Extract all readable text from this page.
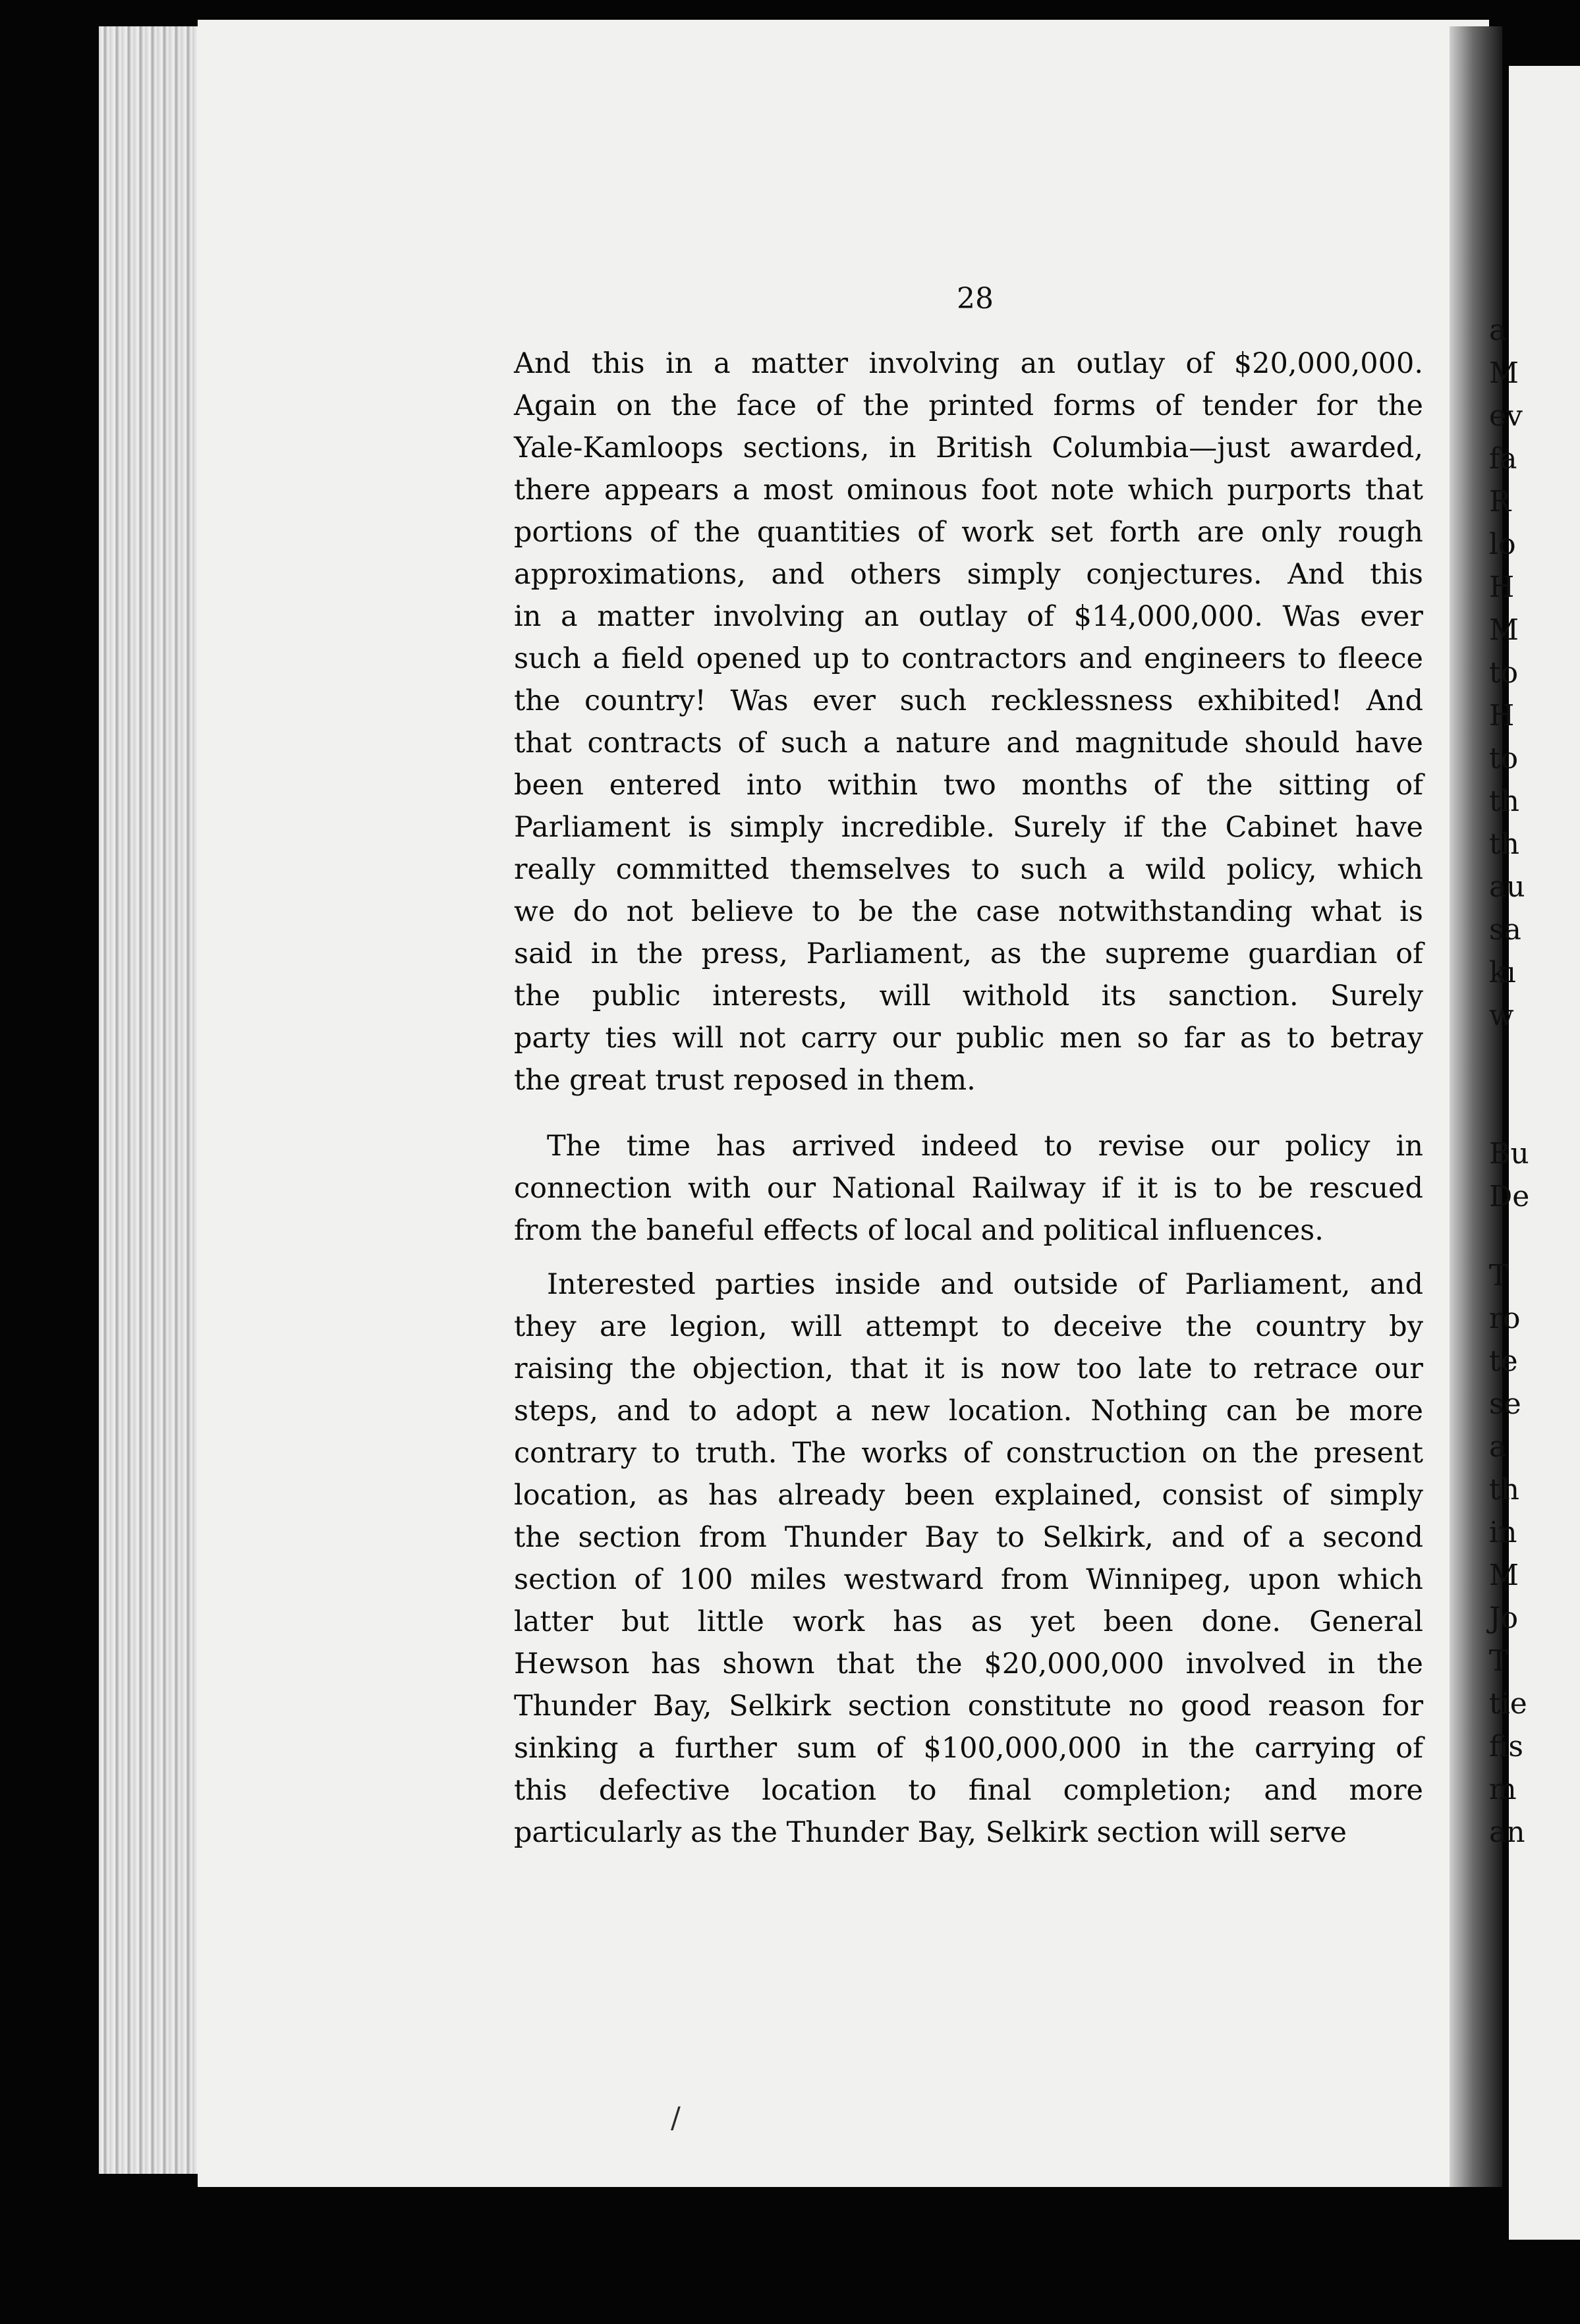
a
M
ev
fa
R
lo
H
M
to
H
to
th
th
au
sa
kı
w
Bu
De
T
ro
te
se
a
th
in
M
Jo
T
tie
fis
m
an

28

And this in a matter involving an outlay of $20,000,000.
Again on the face of the printed forms of tender for the
Yale-Kamloops sections, in British Columbia—just awarded,
there appears a most ominous foot note which purports that
portions of the quantities of work set forth are only rough
approximations, and others simply conjectures. And this
in a matter involving an outlay of $14,000,000. Was ever
such a field opened up to contractors and engineers to fleece
the country! Was ever such recklessness exhibited! And
that contracts of such a nature and magnitude should have
been entered into within two months of the sitting of
Parliament is simply incredible. Surely if the Cabinet have
really committed themselves to such a wild policy, which
we do not believe to be the case notwithstanding what is
said in the press, Parliament, as the supreme guardian of
the public interests, will withold its sanction. Surely
party ties will not carry our public men so far as to betray
the great trust reposed in them.
The time has arrived indeed to revise our policy in
connection with our National Railway if it is to be rescued
from the baneful effects of local and political influences.
Interested parties inside and outside of Parliament, and
they are legion, will attempt to deceive the country by
raising the objection, that it is now too late to retrace our
steps, and to adopt a new location. Nothing can be more
contrary to truth. The works of construction on the present
location, as has already been explained, consist of simply
the section from Thunder Bay to Selkirk, and of a second
section of 100 miles westward from Winnipeg, upon which
latter but little work has as yet been done. General
Hewson has shown that the $20,000,000 involved in the
Thunder Bay, Selkirk section constitute no good reason for
sinking a further sum of $100,000,000 in the carrying of
this defective location to final completion; and more
particularly as the Thunder Bay, Selkirk section will serve
/
